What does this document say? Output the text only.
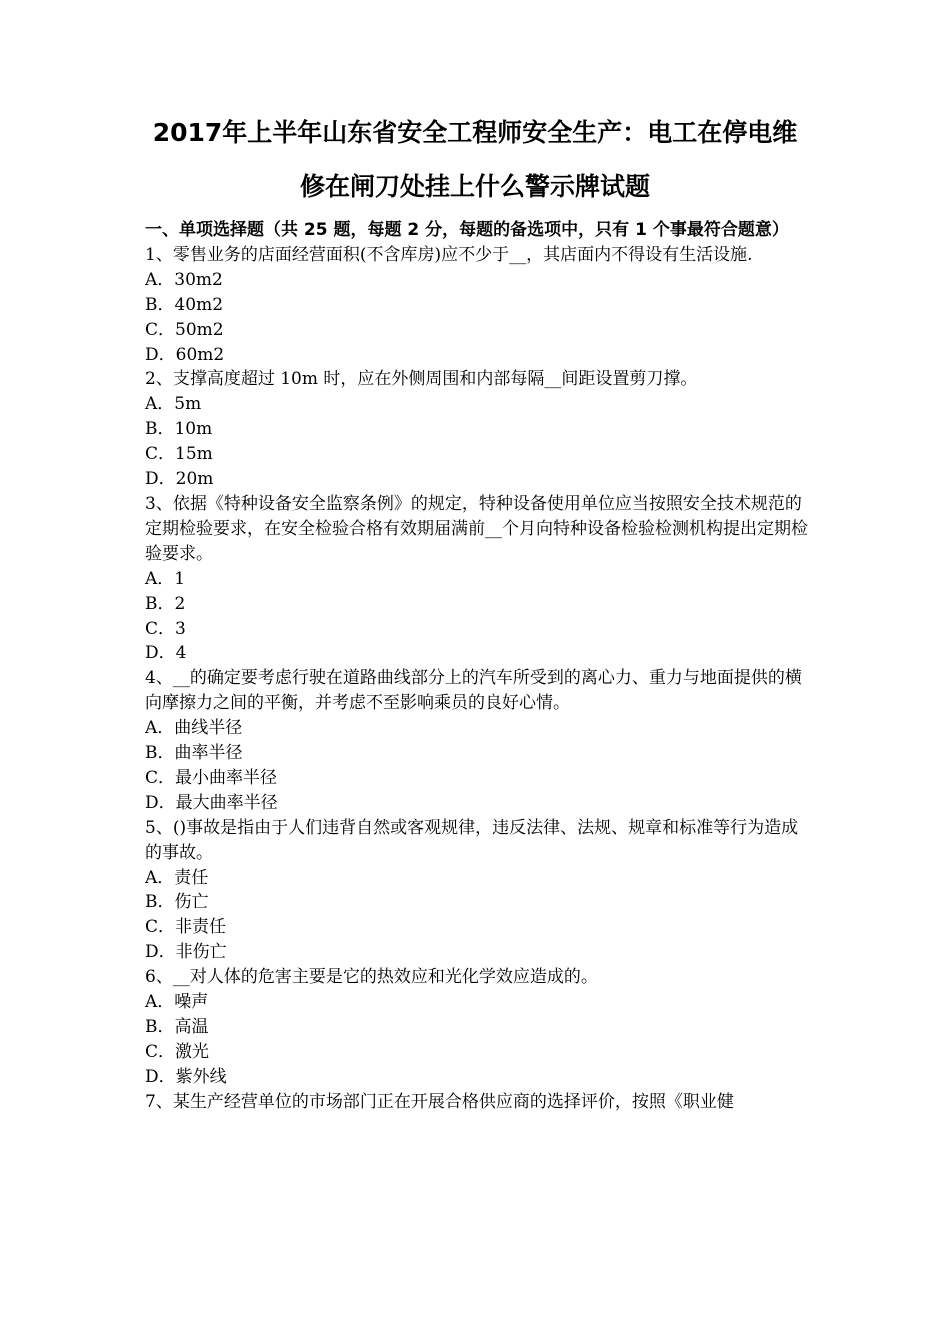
2017年上半年山东省安全工程师安全生产：电工在停电维
修在闸刀处挂上什么警示牌试题
一、单项选择题（共 25 题，每题 2 分，每题的备选项中，只有 1 个事最符合题意）

1、零售业务的店面经营面积(不含库房)应不少于__，其店面内不得设有生活设施.

A．30m2

B．40m2

C．50m2

D．60m2

2、支撑高度超过 10m 时，应在外侧周围和内部每隔__间距设置剪刀撑。

A．5m

B．10m

C．15m

D．20m

3、依据《特种设备安全监察条例》的规定，特种设备使用单位应当按照安全技术规范的定期检验要求，在安全检验合格有效期届满前__个月向特种设备检验检测机构提出定期检验要求。

A．1

B．2

C．3

D．4

4、__的确定要考虑行驶在道路曲线部分上的汽车所受到的离心力、重力与地面提供的横向摩擦力之间的平衡，并考虑不至影响乘员的良好心情。

A．曲线半径

B．曲率半径

C．最小曲率半径

D．最大曲率半径

5、()事故是指由于人们违背自然或客观规律，违反法律、法规、规章和标准等行为造成的事故。

A．责任

B．伤亡

C．非责任

D．非伤亡

6、__对人体的危害主要是它的热效应和光化学效应造成的。

A．噪声

B．高温

C．激光

D．紫外线

7、某生产经营单位的市场部门正在开展合格供应商的选择评价，按照《职业健
